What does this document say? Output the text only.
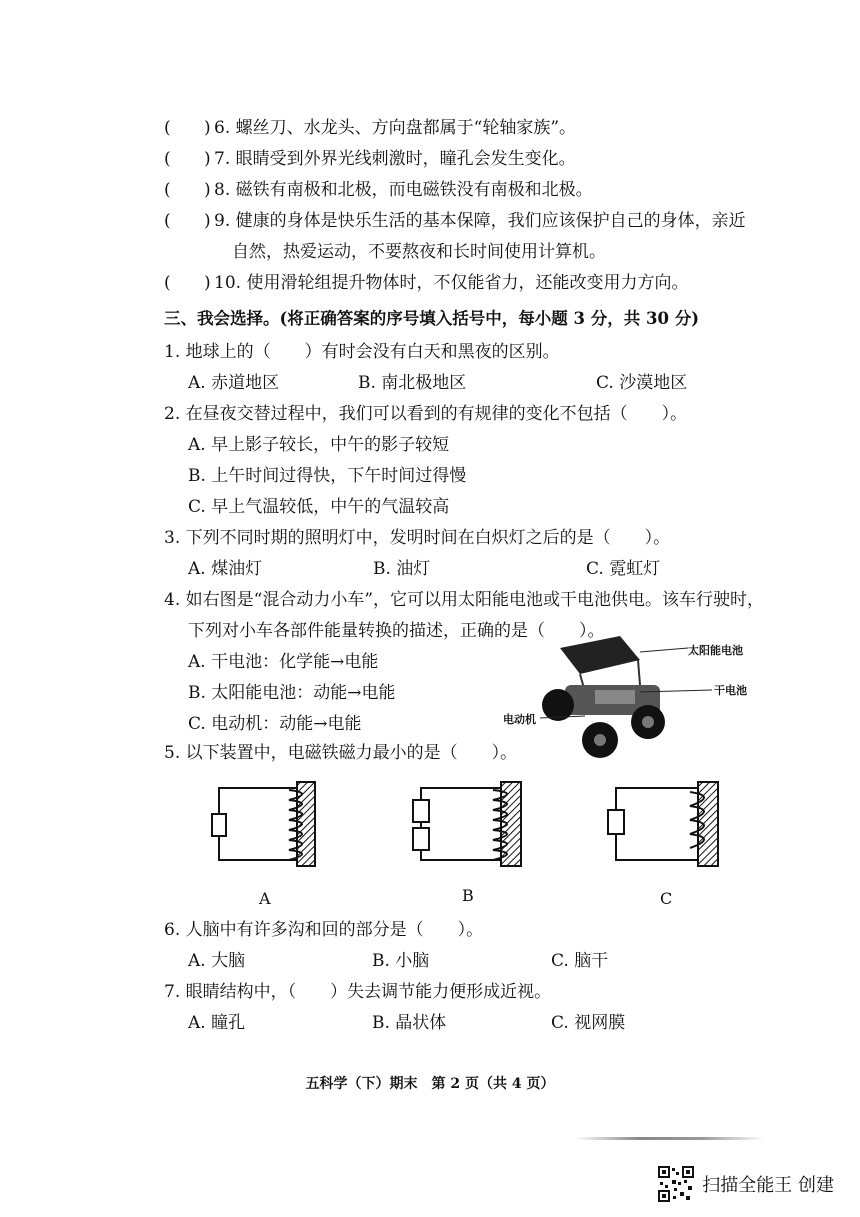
( ) 6. 螺丝刀、水龙头、方向盘都属于“轮轴家族”。
( ) 7. 眼睛受到外界光线刺激时，瞳孔会发生变化。
( ) 8. 磁铁有南极和北极，而电磁铁没有南极和北极。
( ) 9. 健康的身体是快乐生活的基本保障，我们应该保护自己的身体，亲近
自然，热爱运动，不要熬夜和长时间使用计算机。
( ) 10. 使用滑轮组提升物体时，不仅能省力，还能改变用力方向。
三、我会选择。(将正确答案的序号填入括号中，每小题 3 分，共 30 分)
1. 地球上的（　　）有时会没有白天和黑夜的区别。
A. 赤道地区	B. 南北极地区	C. 沙漠地区
2. 在昼夜交替过程中，我们可以看到的有规律的变化不包括（　　）。
A. 早上影子较长，中午的影子较短
B. 上午时间过得快，下午时间过得慢
C. 早上气温较低，中午的气温较高
3. 下列不同时期的照明灯中，发明时间在白炽灯之后的是（　　）。
A. 煤油灯	B. 油灯	C. 霓虹灯
4. 如右图是“混合动力小车”，它可以用太阳能电池或干电池供电。该车行驶时，
下列对小车各部件能量转换的描述，正确的是（　　）。
A. 干电池：化学能→电能
B. 太阳能电池：动能→电能
C. 电动机：动能→电能
太阳能电池
干电池
电动机
5. 以下装置中，电磁铁磁力最小的是（　　）。
A	B	C
6. 人脑中有许多沟和回的部分是（　　）。
A. 大脑	B. 小脑	C. 脑干
7. 眼睛结构中，（　　）失去调节能力便形成近视。
A. 瞳孔	B. 晶状体	C. 视网膜
五科学（下）期末　第 2 页（共 4 页）
扫描全能王 创建
